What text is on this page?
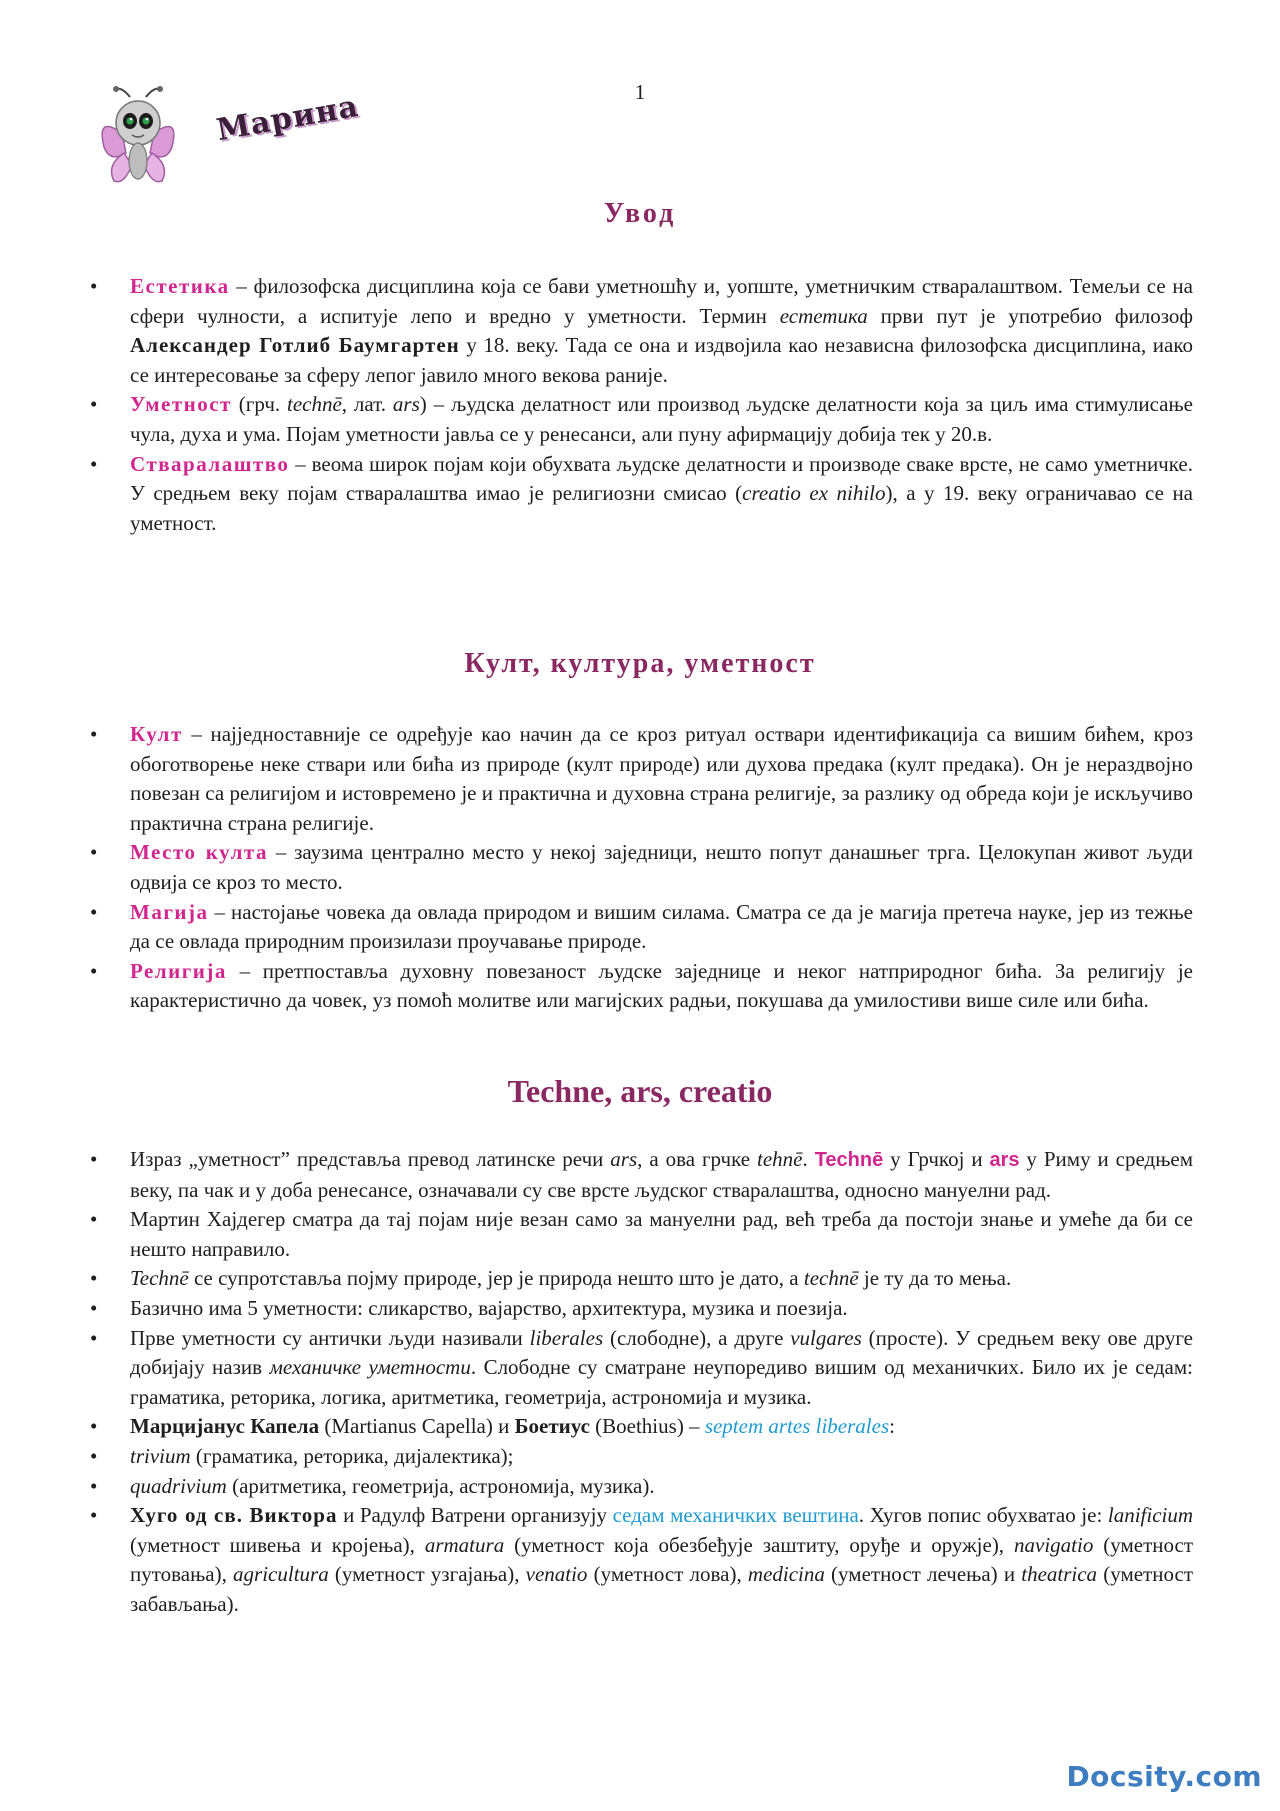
1
Марина
Увод
• Естетика – филозофска дисциплина која се бави уметношћу и, уопште, уметничким стваралаштвом. Темељи се на сфери чулности, а испитује лепо и вредно у уметности. Термин естетика први пут је употребио филозоф Александер Готлиб Баумгартен у 18. веку. Тада се она и издвојила као независна филозофска дисциплина, иако се интересовање за сферу лепог јавило много векова раније.
• Уметност (грч. technē, лат. ars) – људска делатност или производ људске делатности која за циљ има стимулисање чула, духа и ума. Појам уметности јавља се у ренесанси, али пуну афирмацију добија тек у 20.в.
• Стваралаштво – веома широк појам који обухвата људске делатности и производе сваке врсте, не само уметничке. У средњем веку појам стваралаштва имао је религиозни смисао (creatio ex nihilo), а у 19. веку ограничавао се на уметност.
Култ, култура, уметност
• Култ – најједноставније се одређује као начин да се кроз ритуал оствари идентификација са вишим бићем, кроз обоготворење неке ствари или бића из природе (култ природе) или духова предака (култ предака). Он је нераздвојно повезан са религијом и истовремено је и практична и духовна страна религије, за разлику од обреда који је искључиво практична страна религије.
• Место култа – заузима централно место у некој заједници, нешто попут данашњег трга. Целокупан живот људи одвија се кроз то место.
• Магија – настојање човека да овлада природом и вишим силама. Сматра се да је магија претеча науке, јер из тежње да се овлада природним произилази проучавање природе.
• Религија – претпоставља духовну повезаност људске заједнице и неког натприродног бића. За религију је карактеристично да човек, уз помоћ молитве или магијских радњи, покушава да умилостиви више силе или бића.
Techne, ars, creatio
• Израз „уметност” представља превод латинске речи ars, а ова грчке tehnē. Technē у Грчкој и ars у Риму и средњем веку, па чак и у доба ренесансе, означавали су све врсте људског стваралаштва, односно мануелни рад.
• Мартин Хајдегер сматра да тај појам није везан само за мануелни рад, већ треба да постоји знање и умеће да би се нешто направило.
• Technē се супротставља појму природе, јер је природа нешто што је дато, а technē је ту да то мења.
• Базично има 5 уметности: сликарство, вајарство, архитектура, музика и поезија.
• Прве уметности су антички људи називали liberales (слободне), а друге vulgares (просте). У средњем веку ове друге добијају назив механичке уметности. Слободне су сматране неупоредиво вишим од механичких. Било их је седам: граматика, реторика, логика, аритметика, геометрија, астрономија и музика.
• Марцијанус Капела (Martianus Capella) и Боетиус (Boethius) – septem artes liberales:
• trivium (граматика, реторика, дијалектика);
• quadrivium (аритметика, геометрија, астрономија, музика).
• Хуго од св. Виктора и Радулф Ватрени организују седам механичких вештина. Хугов попис обухватао је: lanificium (уметност шивења и кројења), armatura (уметност која обезбеђује заштиту, оруђе и оружје), navigatio (уметност путовања), agricultura (уметност узгајања), venatio (уметност лова), medicina (уметност лечења) и theatrica (уметност забављања).
Docsity.com
